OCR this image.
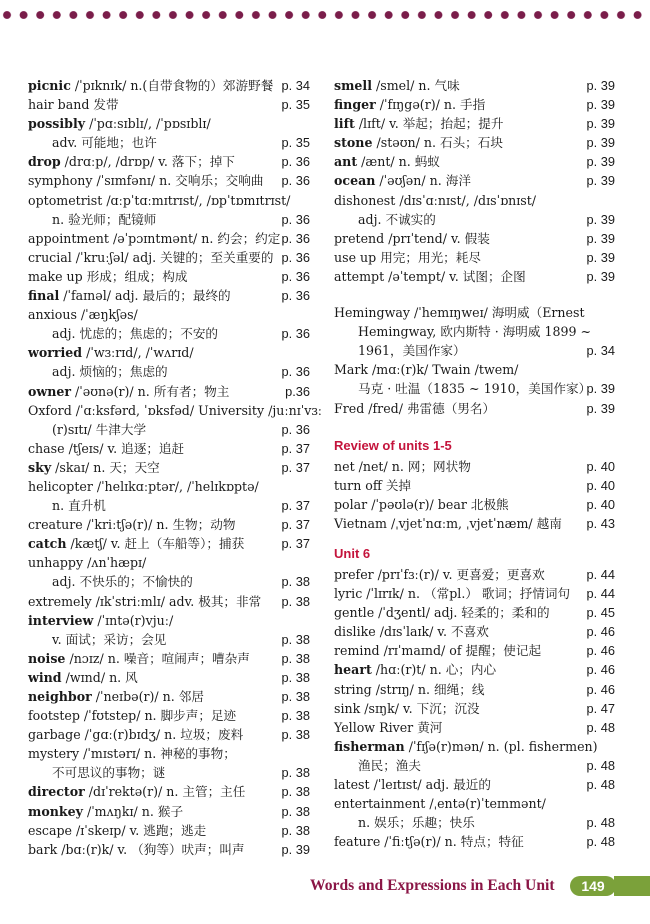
picnic /ˈpɪknɪk/ n.(自带食物的）郊游野餐 p. 34
hair band 发带	p. 35
possibly /ˈpɑːsɪblɪ/, /ˈpɒsɪblɪ/
adv. 可能地；也许	p. 35
drop /drɑːp/, /drɒp/ v. 落下；掉下	p. 36
symphony /ˈsɪmfənɪ/ n. 交响乐；交响曲 p. 36
optometrist /ɑːpˈtɑːmɪtrɪst/, /ɒpˈtɒmɪtrɪst/
n. 验光师；配镜师	p. 36
appointment /əˈpɔɪntmənt/ n. 约会；约定 p. 36
crucial /ˈkruːʃəl/ adj. 关键的；至关重要的 p. 36
make up 形成；组成；构成	p. 36
final /ˈfaɪnəl/ adj. 最后的；最终的	p. 36
anxious /ˈæŋkʃəs/
adj. 忧虑的；焦虑的；不安的	p. 36
worried /ˈwɜːrɪd/, /ˈwʌrɪd/
adj. 烦恼的；焦虑的	p. 36
owner /ˈəʊnə(r)/ n. 所有者；物主	p.36
Oxford /ˈɑːksfərd, ˈɒksfəd/ University /juːnɪˈvɜː
(r)sɪtɪ/ 牛津大学	p. 36
chase /tʃeɪs/ v. 追逐；追赶	p. 37
sky /skaɪ/ n. 天；天空	p. 37
helicopter /ˈhelɪkɑːptər/, /ˈhelɪkɒptə/
n. 直升机	p. 37
creature /ˈkriːtʃə(r)/ n. 生物；动物	p. 37
catch /kætʃ/ v. 赶上（车船等）；捕获	p. 37
unhappy /ʌnˈhæpɪ/
adj. 不快乐的；不愉快的	p. 38
extremely /ɪkˈstriːmlɪ/ adv. 极其；非常 p. 38
interview /ˈɪntə(r)vjuː/
v. 面试；采访；会见	p. 38
noise /nɔɪz/ n. 噪音；喧闹声；嘈杂声 p. 38
wind /wɪnd/ n. 风	p. 38
neighbor /ˈneɪbə(r)/ n. 邻居	p. 38
footstep /ˈfʊtstep/ n. 脚步声；足迹	p. 38
garbage /ˈgɑː(r)bɪdʒ/ n. 垃圾；废料	p. 38
mystery /ˈmɪstərɪ/ n. 神秘的事物；
不可思议的事物；谜	p. 38
director /dɪˈrektə(r)/ n. 主管；主任	p. 38
monkey /ˈmʌŋkɪ/ n. 猴子	p. 38
escape /ɪˈskeɪp/ v. 逃跑；逃走	p. 38
bark /bɑː(r)k/ v. （狗等）吠声；叫声	p. 39
smell /smel/ n. 气味	p. 39
finger /ˈfɪŋgə(r)/ n. 手指	p. 39
lift /lɪft/ v. 举起；抬起；提升	p. 39
stone /stəʊn/ n. 石头；石块	p. 39
ant /ænt/ n. 蚂蚁	p. 39
ocean /ˈəʊʃən/ n. 海洋	p. 39
dishonest /dɪsˈɑːnɪst/, /dɪsˈɒnɪst/
adj. 不诚实的	p. 39
pretend /prɪˈtend/ v. 假装	p. 39
use up 用完；用光；耗尽	p. 39
attempt /əˈtempt/ v. 试图；企图	p. 39
Hemingway /ˈhemɪŋweɪ/ 海明威（Ernest
Hemingway, 欧内斯特 · 海明威 1899 ~
1961，美国作家）	p. 34
Mark /mɑː(r)k/ Twain /twem/
马克 · 吐温（1835 ~ 1910，美国作家）
p. 39
Fred /fred/ 弗雷德（男名）	p. 39
Review of units 1-5
net /net/ n. 网；网状物	p. 40
turn off 关掉	p. 40
polar /ˈpəʊlə(r)/ bear 北极熊	p. 40
Vietnam /ˌvjetˈnɑːm, ˌvjetˈnæm/ 越南 p. 43
Unit 6
prefer /prɪˈfɜː(r)/ v. 更喜爱；更喜欢	p. 44
lyric /ˈlɪrɪk/ n. （常pl.） 歌词；抒情词句 p. 44
gentle /ˈdʒentl/ adj. 轻柔的；柔和的	p. 45
dislike /dɪsˈlaɪk/ v. 不喜欢	p. 46
remind /rɪˈmaɪnd/ of 提醒；使记起	p. 46
heart /hɑː(r)t/ n. 心；内心	p. 46
string /strɪŋ/ n. 细绳；线	p. 46
sink /sɪŋk/ v. 下沉；沉没	p. 47
Yellow River 黄河	p. 48
fisherman /ˈfɪʃə(r)mən/ n. (pl. fishermen)
渔民；渔夫	p. 48
latest /ˈleɪtɪst/ adj. 最近的	p. 48
entertainment /ˌentə(r)ˈteɪnmənt/
n. 娱乐；乐趣；快乐	p. 48
feature /ˈfiːtʃə(r)/ n. 特点；特征	p. 48
Words and Expressions in Each Unit	149
